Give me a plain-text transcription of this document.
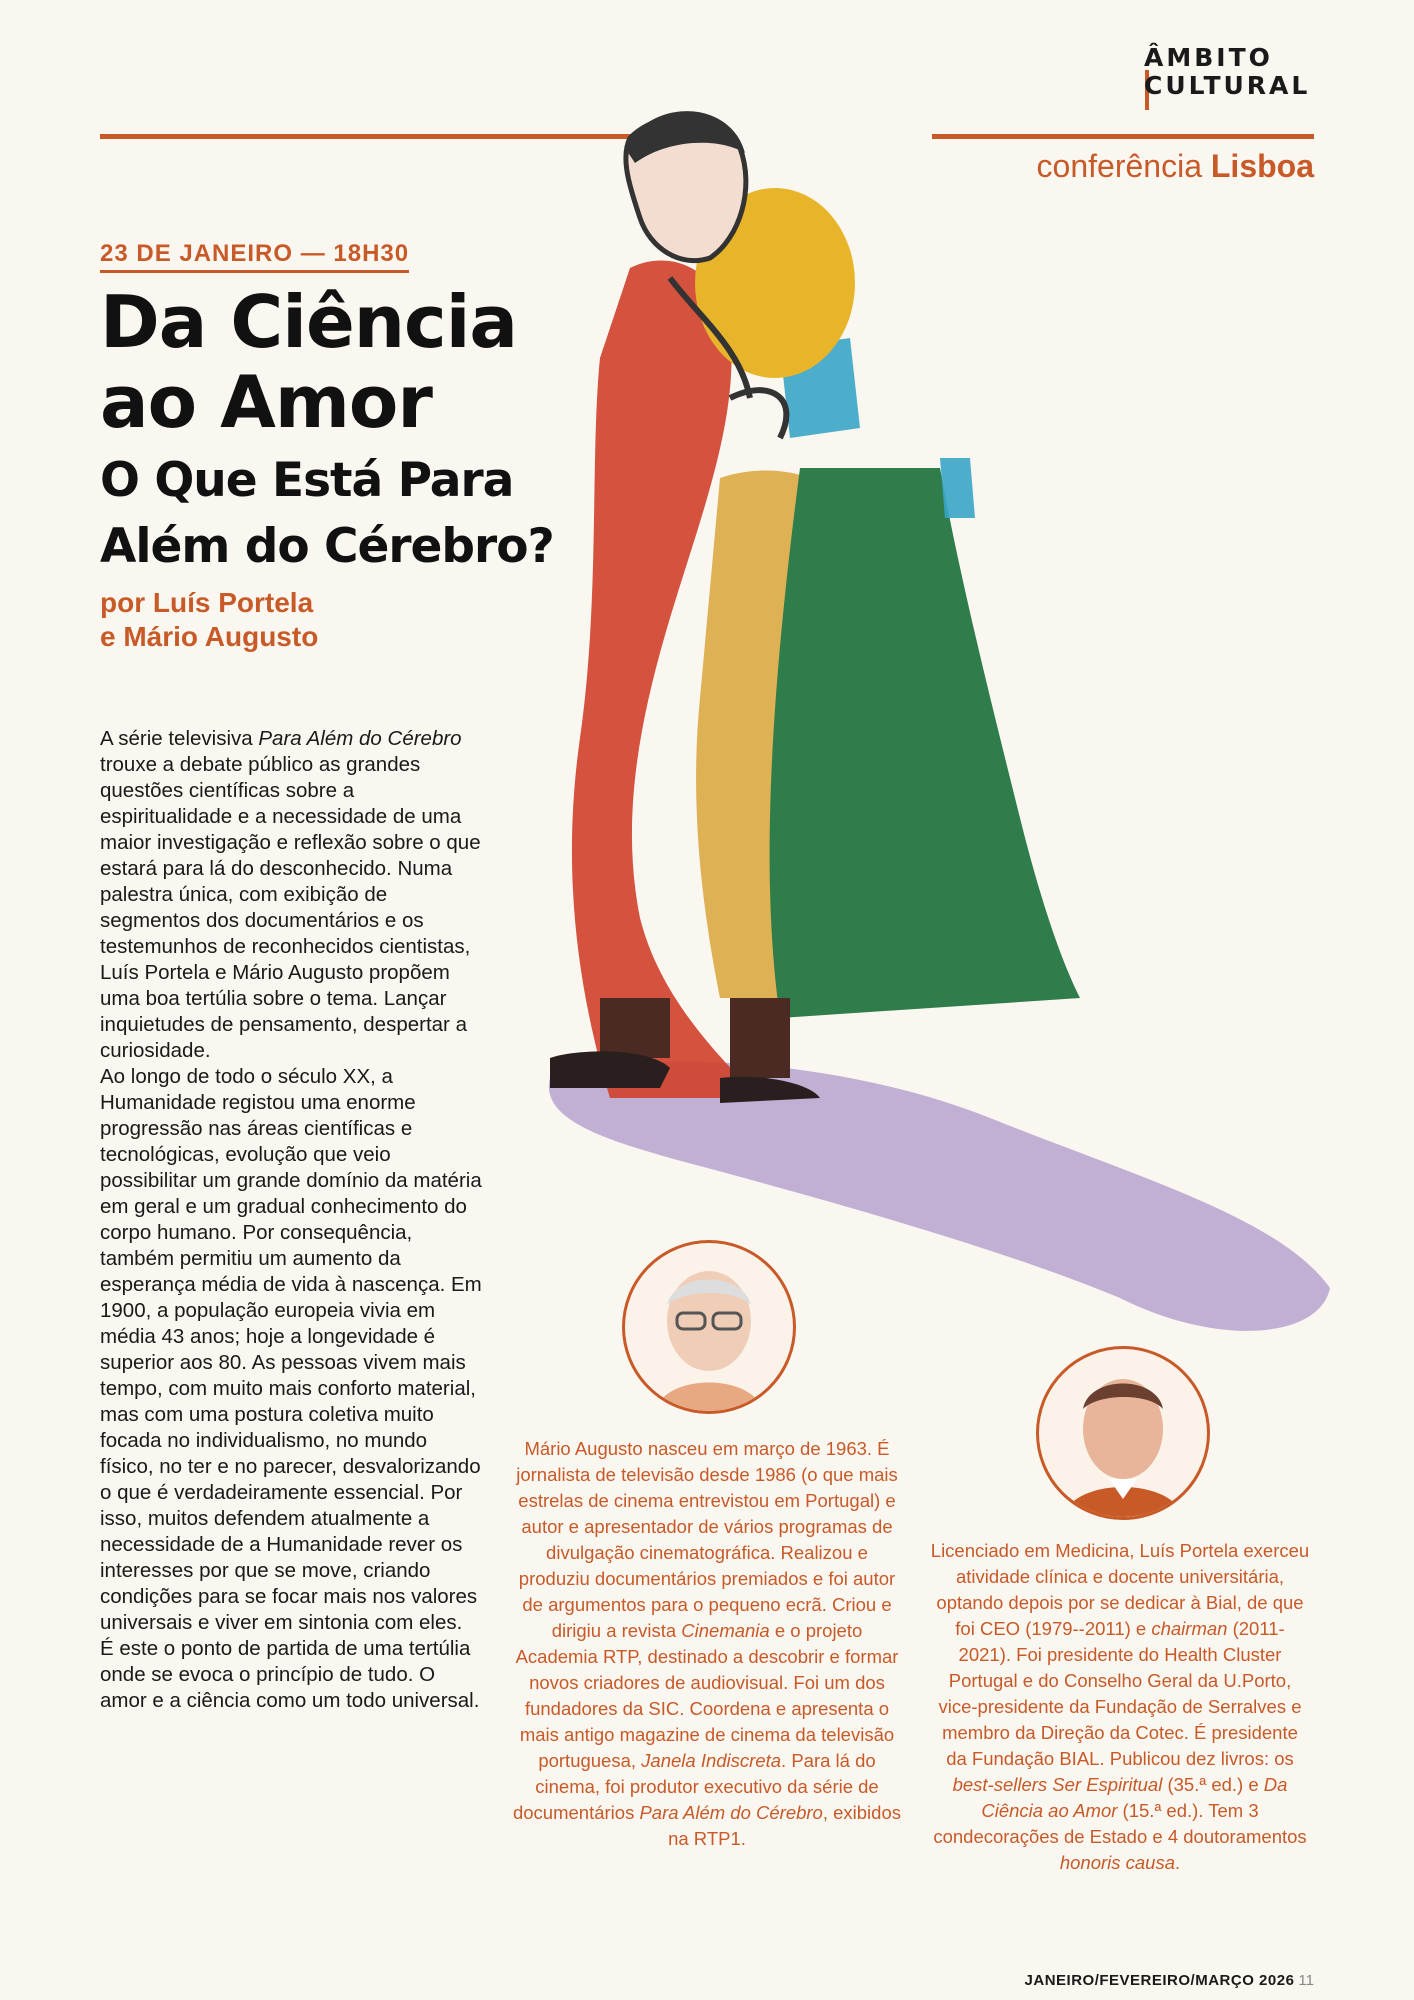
ÂMBITO
CULTURAL
conferência Lisboa
23 DE JANEIRO — 18H30
Da Ciência
ao Amor
O Que Está Para
Além do Cérebro?
por Luís Portela
e Mário Augusto

A série televisiva Para Além do Cérebro trouxe a debate público as grandes questões científicas sobre a espiritualidade e a necessidade de uma maior investigação e reflexão sobre o que estará para lá do desconhecido. Numa palestra única, com exibição de segmentos dos documentários e os testemunhos de reconhecidos cientistas, Luís Portela e Mário Augusto propõem uma boa tertúlia sobre o tema. Lançar inquietudes de pensamento, despertar a curiosidade.

Ao longo de todo o século XX, a Humanidade registou uma enorme progressão nas áreas científicas e tecnológicas, evolução que veio possibilitar um grande domínio da matéria em geral e um gradual conhecimento do corpo humano. Por consequência, também permitiu um aumento da esperança média de vida à nascença. Em 1900, a população europeia vivia em média 43 anos; hoje a longevidade é superior aos 80. As pessoas vivem mais tempo, com muito mais conforto material, mas com uma postura coletiva muito focada no individualismo, no mundo físico, no ter e no parecer, desvalorizando o que é verdadeiramente essencial. Por isso, muitos defendem atualmente a necessidade de a Humanidade rever os interesses por que se move, criando condições para se focar mais nos valores universais e viver em sintonia com eles.

É este o ponto de partida de uma tertúlia onde se evoca o princípio de tudo. O amor e a ciência como um todo universal.

Mário Augusto nasceu em março de 1963. É jornalista de televisão desde 1986 (o que mais estrelas de cinema entrevistou em Portugal) e autor e apresentador de vários programas de divulgação cinematográfica. Realizou e produziu documentários premiados e foi autor de argumentos para o pequeno ecrã. Criou e dirigiu a revista Cinemania e o projeto Academia RTP, destinado a descobrir e formar novos criadores de audiovisual. Foi um dos fundadores da SIC. Coordena e apresenta o mais antigo magazine de cinema da televisão portuguesa, Janela Indiscreta. Para lá do cinema, foi produtor executivo da série de documentários Para Além do Cérebro, exibidos na RTP1.

Licenciado em Medicina, Luís Portela exerceu atividade clínica e docente universitária, optando depois por se dedicar à Bial, de que foi CEO (1979--2011) e chairman (2011-2021). Foi presidente do Health Cluster Portugal e do Conselho Geral da U.Porto, vice-presidente da Fundação de Serralves e membro da Direção da Cotec. É presidente da Fundação BIAL. Publicou dez livros: os best-sellers Ser Espiritual (35.ª ed.) e Da Ciência ao Amor (15.ª ed.). Tem 3 condecorações de Estado e 4 doutoramentos honoris causa.

JANEIRO/FEVEREIRO/MARÇO 2026 11
